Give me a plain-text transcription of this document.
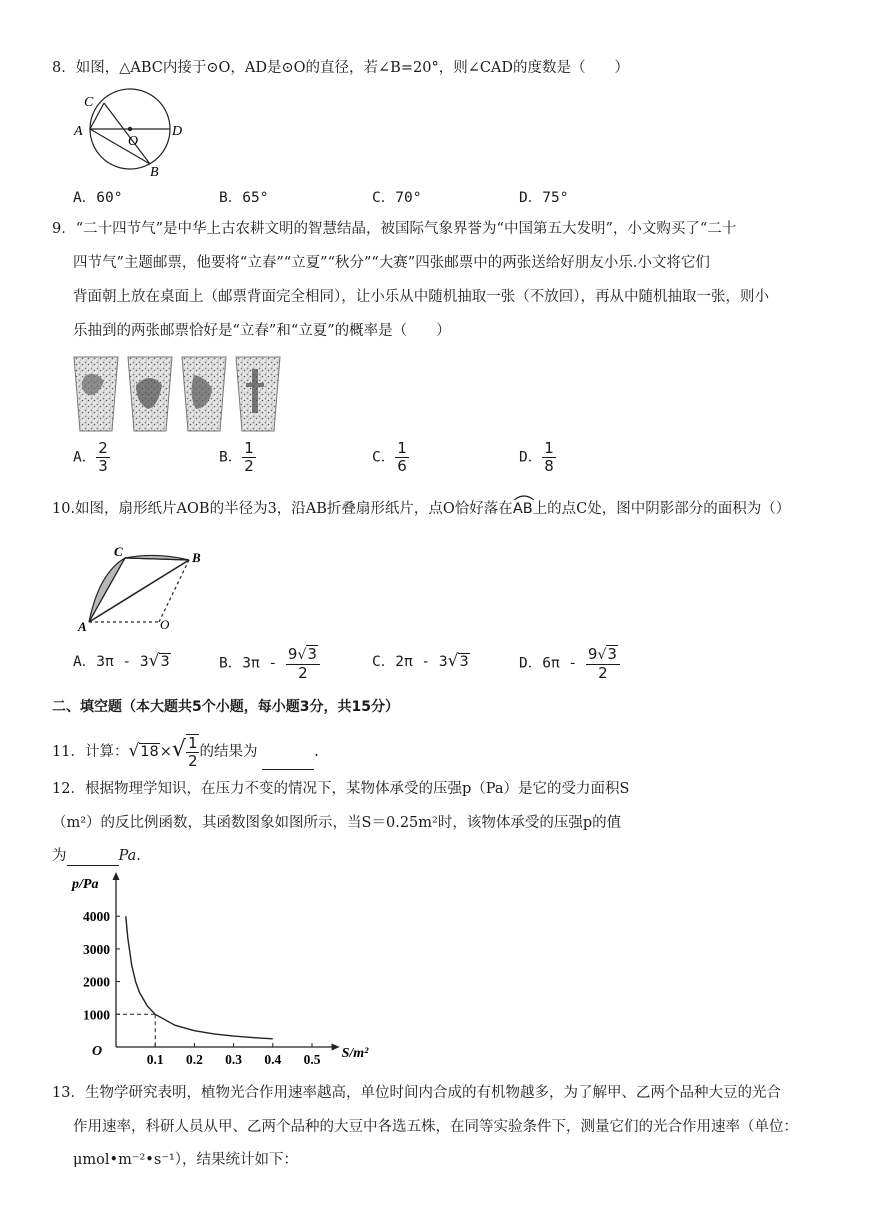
8．如图，△ABC内接于⊙O，AD是⊙O的直径，若∠B=20°，则∠CAD的度数是（　　）
C
A
O
D
B
A．60°	B．65°	C．70°	D．75°
9．“二十四节气”是中华上古农耕文明的智慧结晶，被国际气象界誉为“中国第五大发明”，小文购买了“二十
四节气”主题邮票，他要将“立春”“立夏”“秋分”“大赛”四张邮票中的两张送给好朋友小乐.小文将它们
背面朝上放在桌面上（邮票背面完全相同），让小乐从中随机抽取一张（不放回），再从中随机抽取一张，则小
乐抽到的两张邮票恰好是“立春”和“立夏”的概率是（　　）
A． $\frac{2}{3}$	B． $\frac{1}{2}$	C． $\frac{1}{6}$	D． $\frac{1}{8}$
10.如图，扇形纸片AOB的半径为3，沿AB折叠扇形纸片，点O恰好落在
AB上的点C处，图中阴影部分的面积为（）
C	B
A	O
A．3π - 3√3	B．$3\pi - \frac{9√3}{2}$	C．2π - 3√3	D．$6\pi - \frac{9√3}{2}$
二、填空题（本大题共5个小题，每小题3分，共15分）
11．计算：$√18\times√ \frac{1}{2}$ 的结果为	.
12．根据物理学知识，在压力不变的情况下，某物体承受的压强p（Pa）是它的受力面积S
（m²）的反比例函数，其函数图象如图所示，当S＝0.25m²时，该物体承受的压强p的值
为	Pa.
p/Pa
S/m²
O
0.1 0.2 0.3 0.4 0.5
1000
2000
3000
4000
13．生物学研究表明，植物光合作用速率越高，单位时间内合成的有机物越多，为了解甲、乙两个品种大豆的光合
作用速率，科研人员从甲、乙两个品种的大豆中各选五株，在同等实验条件下，测量它们的光合作用速率（单位：
μmol•m⁻²•s⁻¹），结果统计如下：
